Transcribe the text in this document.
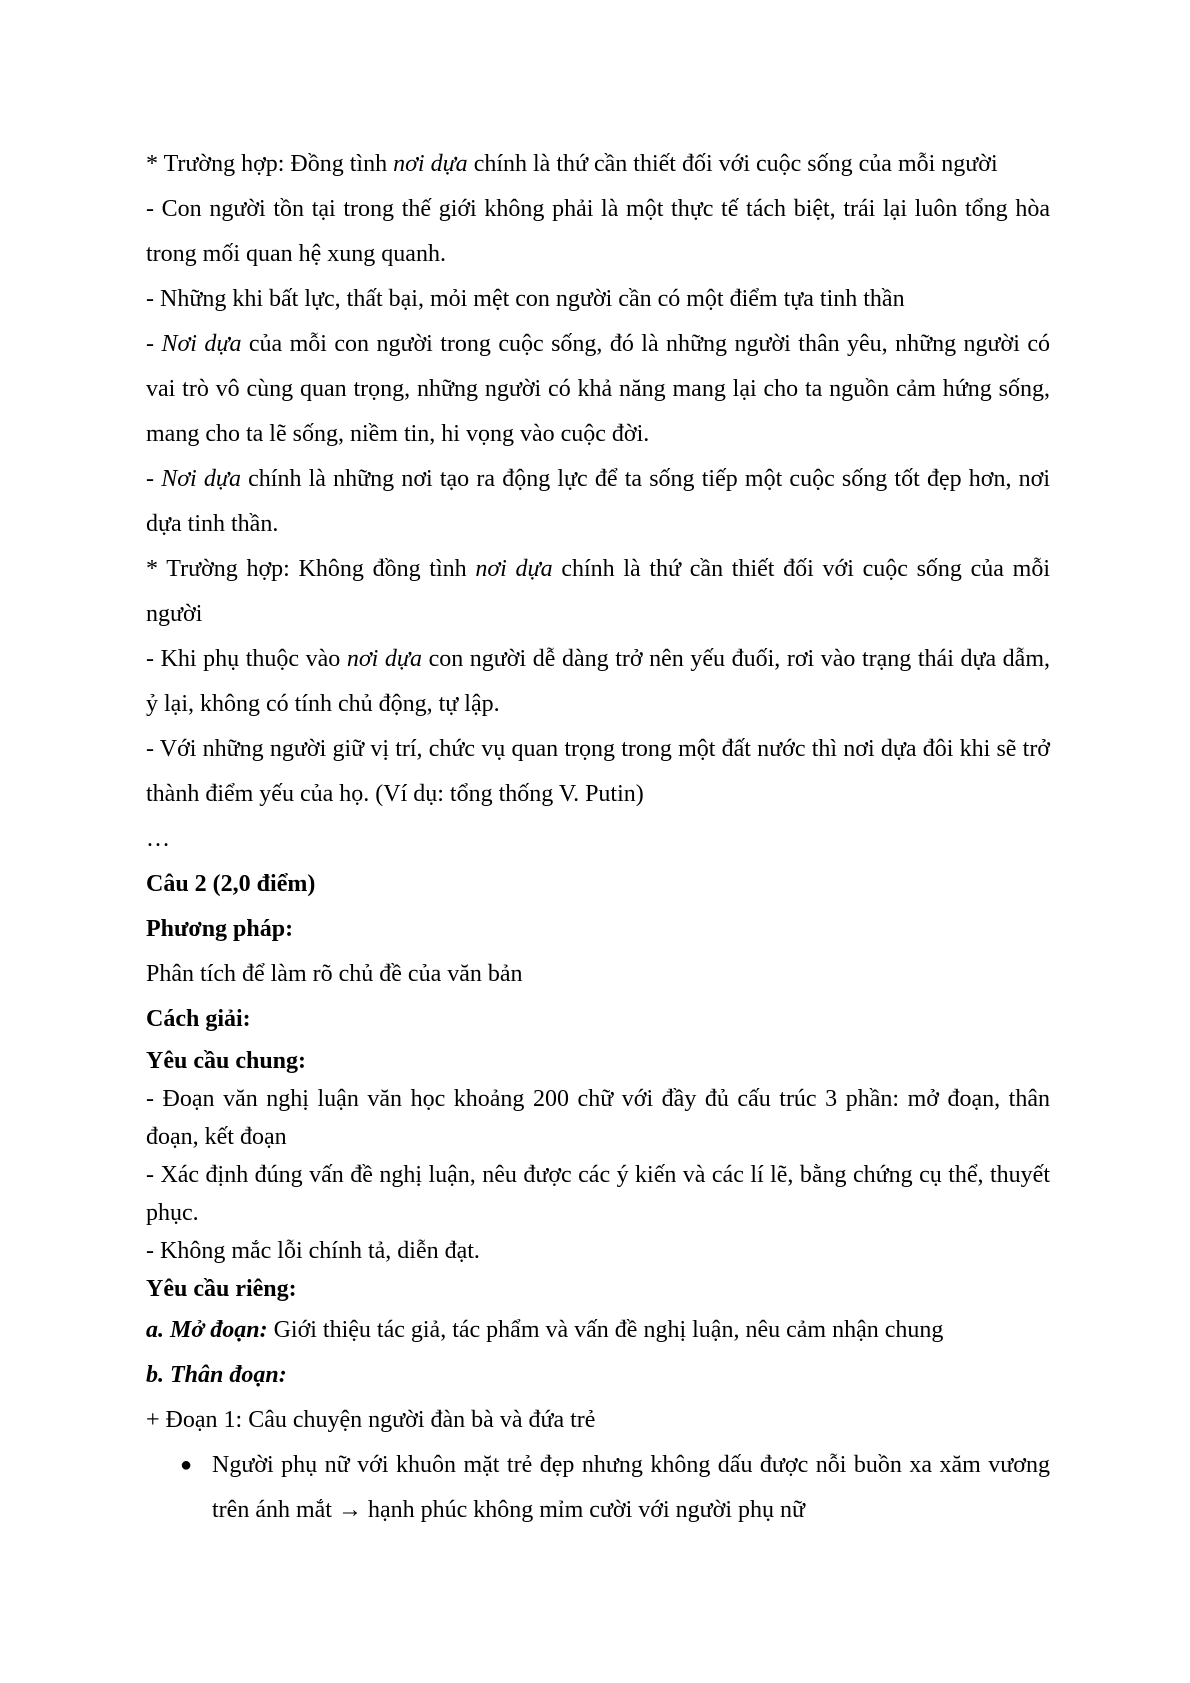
* Trường hợp: Đồng tình nơi dựa chính là thứ cần thiết đối với cuộc sống của mỗi người

- Con người tồn tại trong thế giới không phải là một thực tế tách biệt, trái lại luôn tổng hòa trong mối quan hệ xung quanh.

- Những khi bất lực, thất bại, mỏi mệt con người cần có một điểm tựa tinh thần

- Nơi dựa của mỗi con người trong cuộc sống, đó là những người thân yêu, những người có vai trò vô cùng quan trọng, những người có khả năng mang lại cho ta nguồn cảm hứng sống, mang cho ta lẽ sống, niềm tin, hi vọng vào cuộc đời.

- Nơi dựa chính là những nơi tạo ra động lực để ta sống tiếp một cuộc sống tốt đẹp hơn, nơi dựa tinh thần.

* Trường hợp: Không đồng tình nơi dựa chính là thứ cần thiết đối với cuộc sống của mỗi người

- Khi phụ thuộc vào nơi dựa con người dễ dàng trở nên yếu đuối, rơi vào trạng thái dựa dẫm, ỷ lại, không có tính chủ động, tự lập.

- Với những người giữ vị trí, chức vụ quan trọng trong một đất nước thì nơi dựa đôi khi sẽ trở thành điểm yếu của họ. (Ví dụ: tổng thống V. Putin)

…

Câu 2 (2,0 điểm)

Phương pháp:

Phân tích để làm rõ chủ đề của văn bản

Cách giải:

Yêu cầu chung:

- Đoạn văn nghị luận văn học khoảng 200 chữ với đầy đủ cấu trúc 3 phần: mở đoạn, thân đoạn, kết đoạn

- Xác định đúng vấn đề nghị luận, nêu được các ý kiến và các lí lẽ, bằng chứng cụ thể, thuyết phục.

- Không mắc lỗi chính tả, diễn đạt.

Yêu cầu riêng:

a. Mở đoạn: Giới thiệu tác giả, tác phẩm và vấn đề nghị luận, nêu cảm nhận chung

b. Thân đoạn:

+ Đoạn 1: Câu chuyện người đàn bà và đứa trẻ

● Người phụ nữ với khuôn mặt trẻ đẹp nhưng không dấu được nỗi buồn xa xăm vương trên ánh mắt → hạnh phúc không mỉm cười với người phụ nữ
